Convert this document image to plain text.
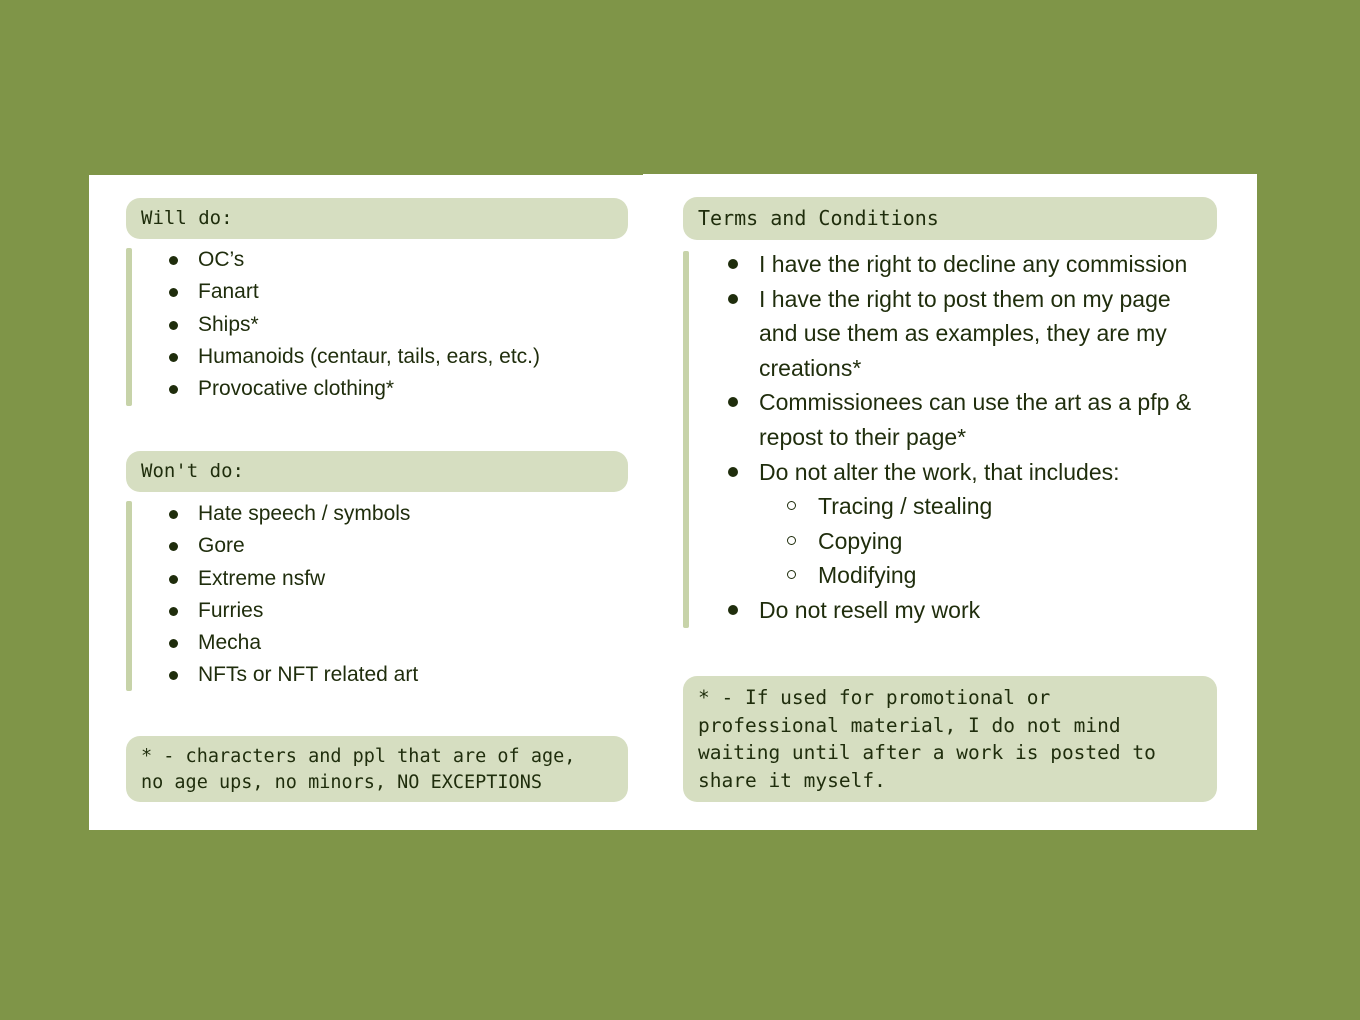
Will do:
OC’s
Fanart
Ships*
Humanoids (centaur, tails, ears, etc.)
Provocative clothing*
Won't do:
Hate speech / symbols
Gore
Extreme nsfw
Furries
Mecha
NFTs or NFT related art
* - characters and ppl that are of age,
no age ups, no minors, NO EXCEPTIONS
Terms and Conditions
I have the right to decline any commission
I have the right to post them on my page and use them as examples, they are my creations*
Commissionees can use the art as a pfp & repost to their page*
Do not alter the work, that includes:
Tracing / stealing
Copying
Modifying
Do not resell my work
* - If used for promotional or
professional material, I do not mind
waiting until after a work is posted to
share it myself.
